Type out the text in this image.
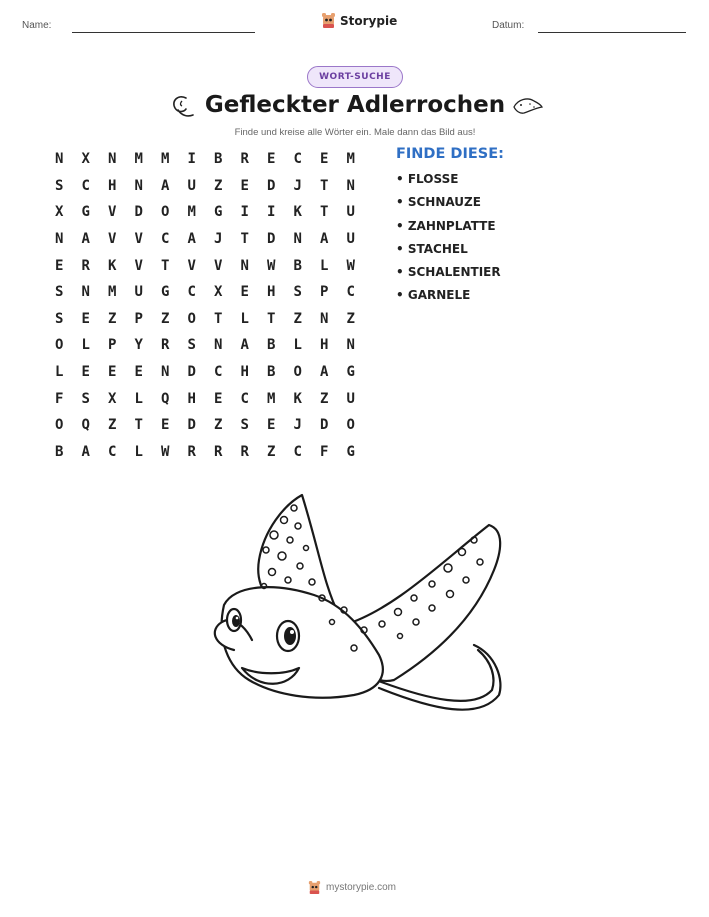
Name:	Storypie	Datum:
WORT-SUCHE
Gefleckter Adlerrochen
Finde und kreise alle Wörter ein. Male dann das Bild aus!
N	X	N	M	M	I	B	R	E	C	E	M
S	C	H	N	A	U	Z	E	D	J	T	N
X	G	V	D	O	M	G	I	I	K	T	U
N	A	V	V	C	A	J	T	D	N	A	U
E	R	K	V	T	V	V	N	W	B	L	W
S	N	M	U	G	C	X	E	H	S	P	C
S	E	Z	P	Z	O	T	L	T	Z	N	Z
O	L	P	Y	R	S	N	A	B	L	H	N
L	E	E	E	N	D	C	H	B	O	A	G
F	S	X	L	Q	H	E	C	M	K	Z	U
O	Q	Z	T	E	D	Z	S	E	J	D	O
B	A	C	L	W	R	R	R	Z	C	F	G
FINDE DIESE:
• FLOSSE
• SCHNAUZE
• ZAHNPLATTE
• STACHEL
• SCHALENTIER
• GARNELE
mystorypie.com
